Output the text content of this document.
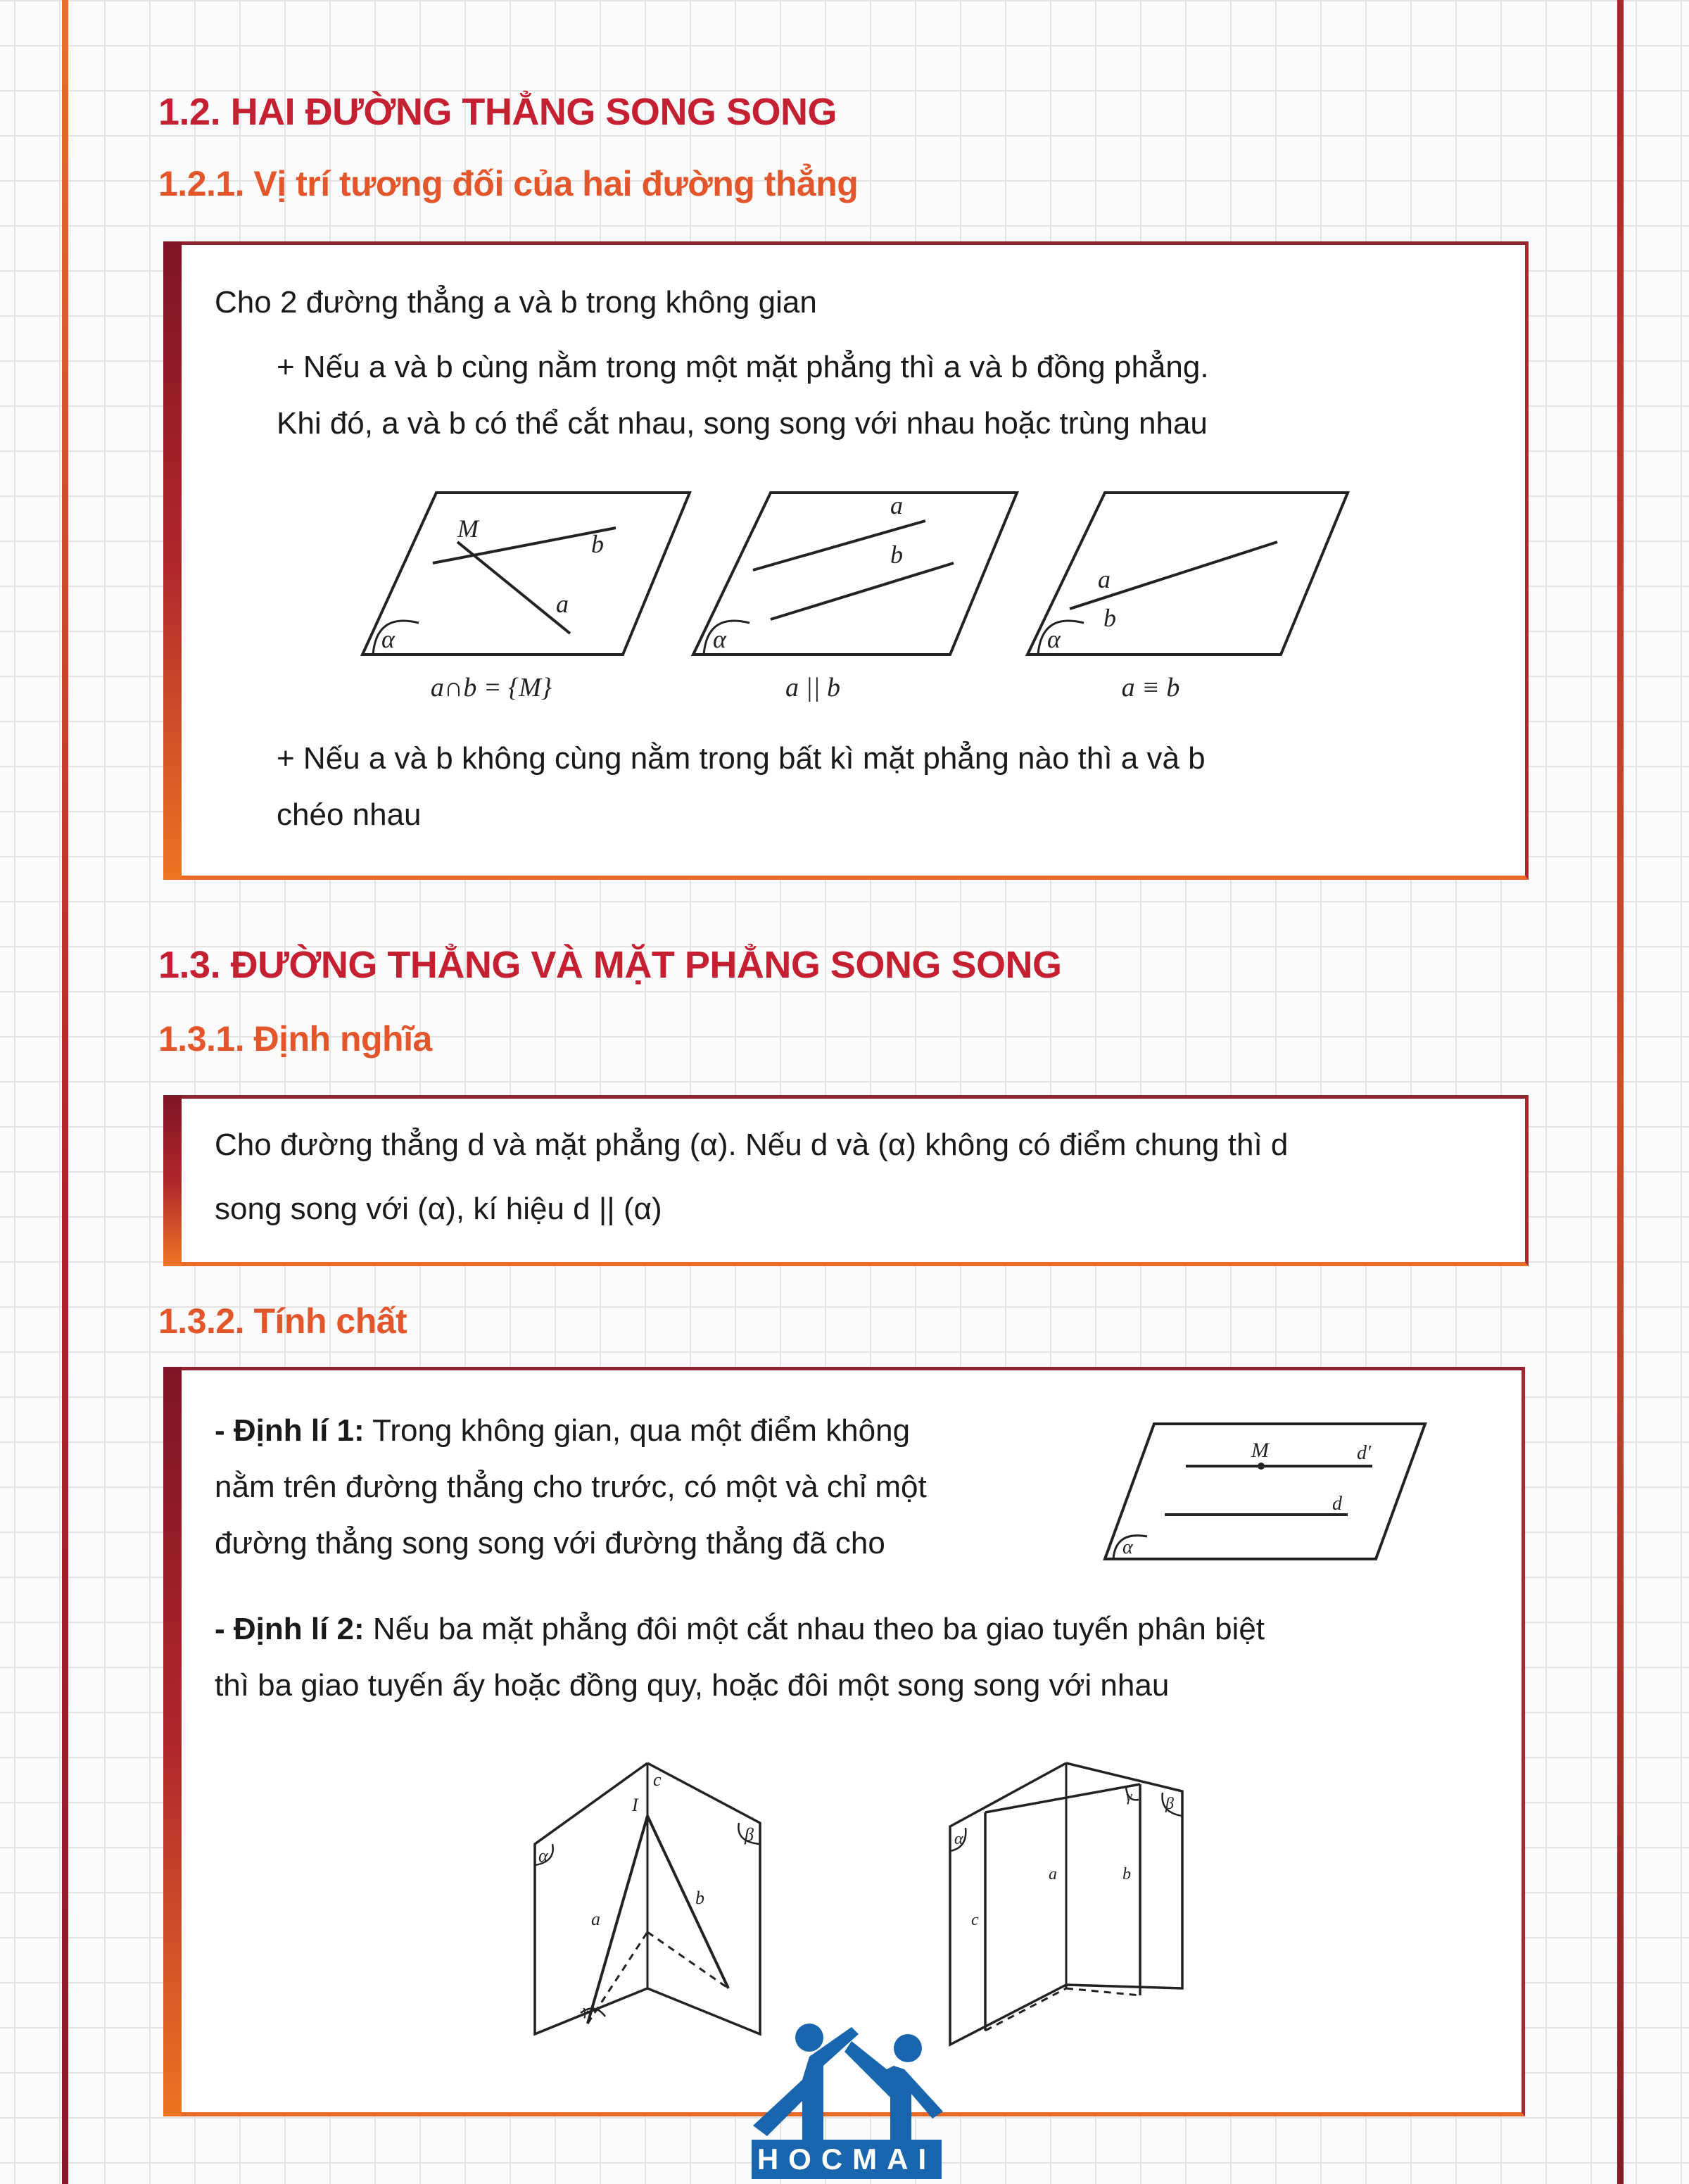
1.2. HAI ĐƯỜNG THẲNG SONG SONG
1.2.1. Vị trí tương đối của hai đường thẳng

Cho 2 đường thẳng a và b trong không gian

+ Nếu a và b cùng nằm trong một mặt phẳng thì a và b đồng phẳng.

Khi đó, a và b có thể cắt nhau, song song với nhau hoặc trùng nhau

α
M
b
a

a∩b = {M}

α
a
b

a || b

α
a
b

a ≡ b

+ Nếu a và b không cùng nằm trong bất kì mặt phẳng nào thì a và b

chéo nhau

1.3. ĐƯỜNG THẲNG VÀ MẶT PHẲNG SONG SONG
1.3.1. Định nghĩa

Cho đường thẳng d và mặt phẳng (α). Nếu d và (α) không có điểm chung thì d

song song với (α), kí hiệu d || (α)

1.3.2. Tính chất

- Định lí 1: Trong không gian, qua một điểm không

nằm trên đường thẳng cho trước, có một và chỉ một

đường thẳng song song với đường thẳng đã cho	α
M	d'
d

- Định lí 2: Nếu ba mặt phẳng đôi một cắt nhau theo ba giao tuyến phân biệt

thì ba giao tuyến ấy hoặc đồng quy, hoặc đôi một song song với nhau

c
I
a
b
α
β
γ
α
β
γ
a	b
c
HOCMAI
